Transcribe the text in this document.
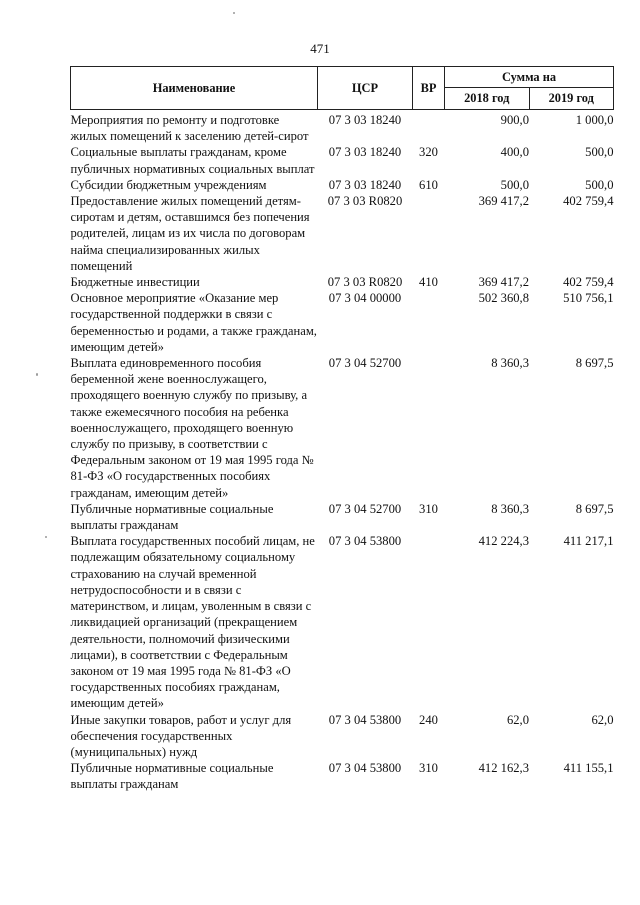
471
Наименование	ЦСР	ВР	Сумма на	
			2018 год	2019 год
Мероприятия по ремонту и подготовке жилых помещений к заселению детей-сирот	07 3 03 18240		900,0	1 000,0
Социальные выплаты гражданам, кроме публичных нормативных социальных выплат	07 3 03 18240	320	400,0	500,0
Субсидии бюджетным учреждениям	07 3 03 18240	610	500,0	500,0
Предоставление жилых помещений детям-сиротам и детям, оставшимся без попечения родителей, лицам из их числа по договорам найма специализированных жилых помещений	07 3 03 R0820		369 417,2	402 759,4
Бюджетные инвестиции	07 3 03 R0820	410	369 417,2	402 759,4
Основное мероприятие «Оказание мер государственной поддержки в связи с беременностью и родами, а также гражданам, имеющим детей»	07 3 04 00000		502 360,8	510 756,1
Выплата единовременного пособия беременной жене военнослужащего, проходящего военную службу по призыву, а также ежемесячного пособия на ребенка военнослужащего, проходящего военную службу по призыву, в соответствии с Федеральным законом от 19 мая 1995 года № 81-ФЗ «О государственных пособиях гражданам, имеющим детей»	07 3 04 52700		8 360,3	8 697,5
Публичные нормативные социальные выплаты гражданам	07 3 04 52700	310	8 360,3	8 697,5
Выплата государственных пособий лицам, не подлежащим обязательному социальному страхованию на случай временной нетрудоспособности и в связи с материнством, и лицам, уволенным в связи с ликвидацией организаций (прекращением деятельности, полномочий физическими лицами), в соответствии с Федеральным законом от 19 мая 1995 года № 81-ФЗ «О государственных пособиях гражданам, имеющим детей»	07 3 04 53800		412 224,3	411 217,1
Иные закупки товаров, работ и услуг для обеспечения государственных (муниципальных) нужд	07 3 04 53800	240	62,0	62,0
Публичные нормативные социальные выплаты гражданам	07 3 04 53800	310	412 162,3	411 155,1
